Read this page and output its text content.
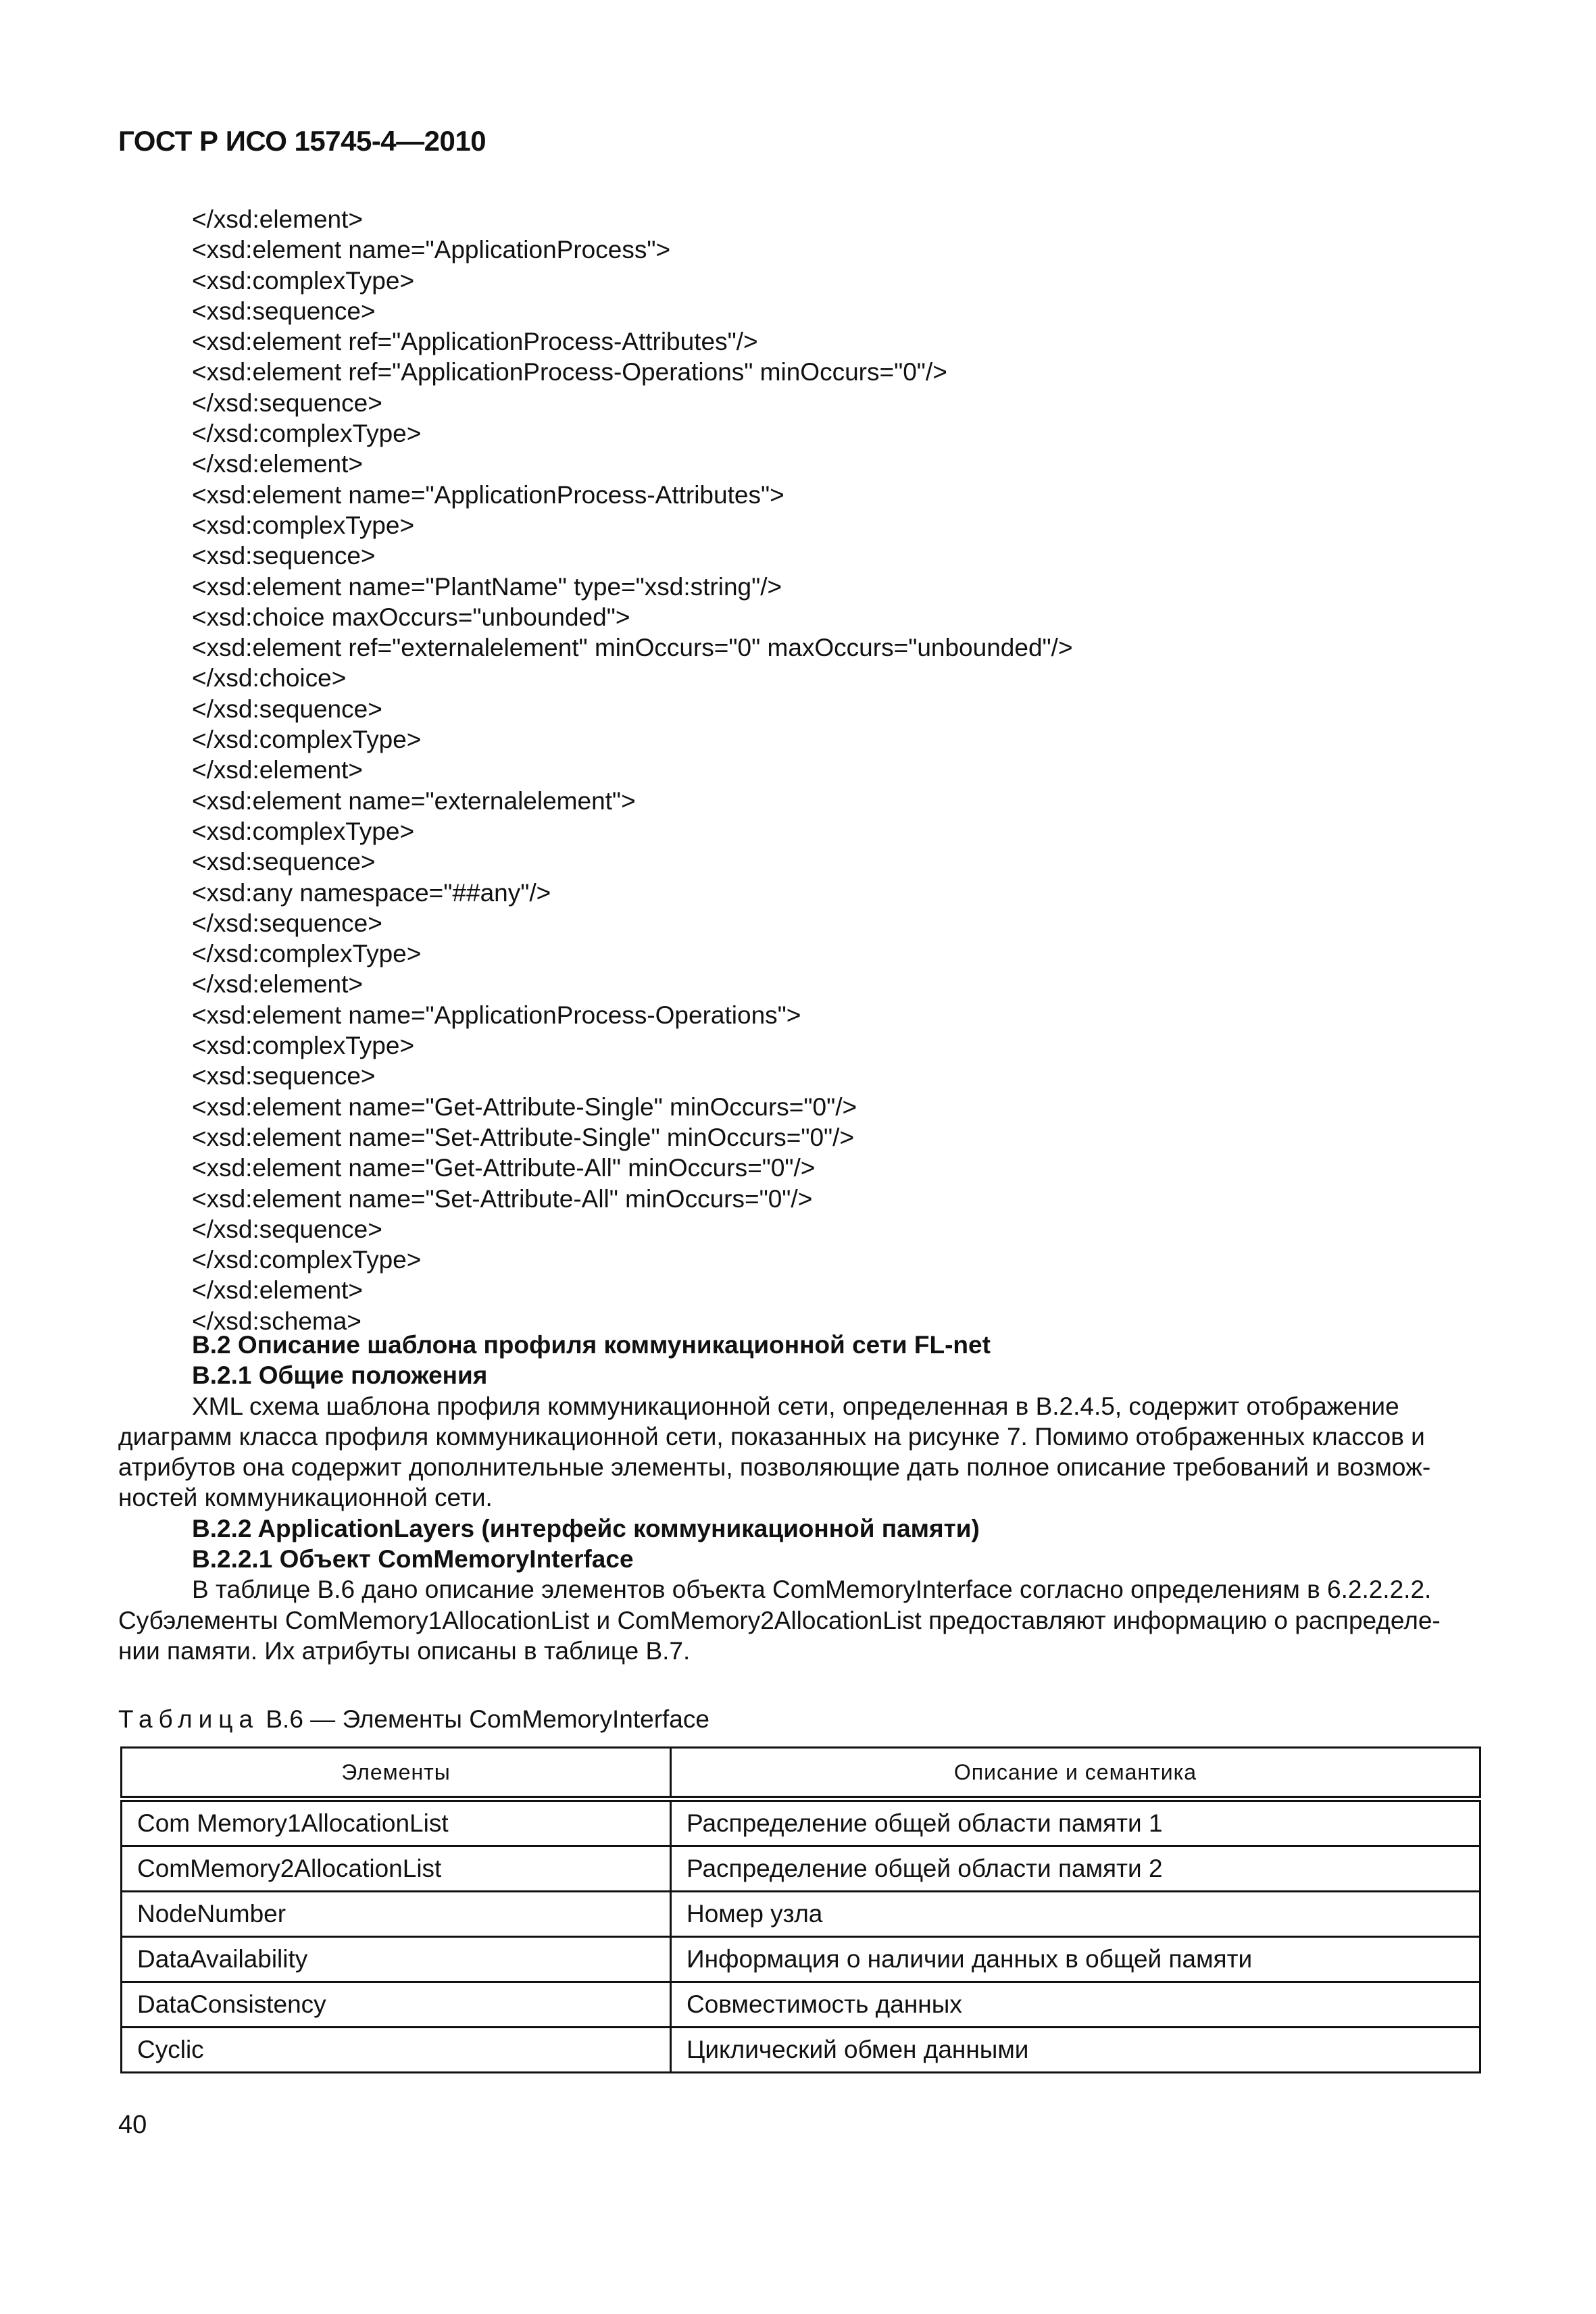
ГОСТ Р ИСО 15745-4—2010
</xsd:element>
<xsd:element name="ApplicationProcess">
<xsd:complexType>
<xsd:sequence>
<xsd:element ref="ApplicationProcess-Attributes"/>
<xsd:element ref="ApplicationProcess-Operations" minOccurs="0"/>
</xsd:sequence>
</xsd:complexType>
</xsd:element>
<xsd:element name="ApplicationProcess-Attributes">
<xsd:complexType>
<xsd:sequence>
<xsd:element name="PlantName" type="xsd:string"/>
<xsd:choice maxOccurs="unbounded">
<xsd:element ref="externalelement" minOccurs="0" maxOccurs="unbounded"/>
</xsd:choice>
</xsd:sequence>
</xsd:complexType>
</xsd:element>
<xsd:element name="externalelement">
<xsd:complexType>
<xsd:sequence>
<xsd:any namespace="##any"/>
</xsd:sequence>
</xsd:complexType>
</xsd:element>
<xsd:element name="ApplicationProcess-Operations">
<xsd:complexType>
<xsd:sequence>
<xsd:element name="Get-Attribute-Single" minOccurs="0"/>
<xsd:element name="Set-Attribute-Single" minOccurs="0"/>
<xsd:element name="Get-Attribute-All" minOccurs="0"/>
<xsd:element name="Set-Attribute-All" minOccurs="0"/>
</xsd:sequence>
</xsd:complexType>
</xsd:element>
</xsd:schema>
B.2 Описание шаблона профиля коммуникационной сети FL-net
B.2.1 Общие положения
XML схема шаблона профиля коммуникационной сети, определенная в B.2.4.5, содержит отображение
диаграмм класса профиля коммуникационной сети, показанных на рисунке 7. Помимо отображенных классов и
атрибутов она содержит дополнительные элементы, позволяющие дать полное описание требований и возмож-
ностей коммуникационной сети.
B.2.2 ApplicationLayers (интерфейс коммуникационной памяти)
B.2.2.1 Объект ComMemoryInterface
В таблице B.6 дано описание элементов объекта ComMemoryInterface согласно определениям в 6.2.2.2.2.
Субэлементы ComMemory1AllocationList и ComMemory2AllocationList предоставляют информацию о распределе-
нии памяти. Их атрибуты описаны в таблице B.7.
Таблица B.6 — Элементы ComMemoryInterface
Элементы	Описание и семантика
Com Memory1AllocationList	Распределение общей области памяти 1
ComMemory2AllocationList	Распределение общей области памяти 2
NodeNumber	Номер узла
DataAvailability	Информация о наличии данных в общей памяти
DataConsistency	Совместимость данных
Cyclic	Циклический обмен данными
40
